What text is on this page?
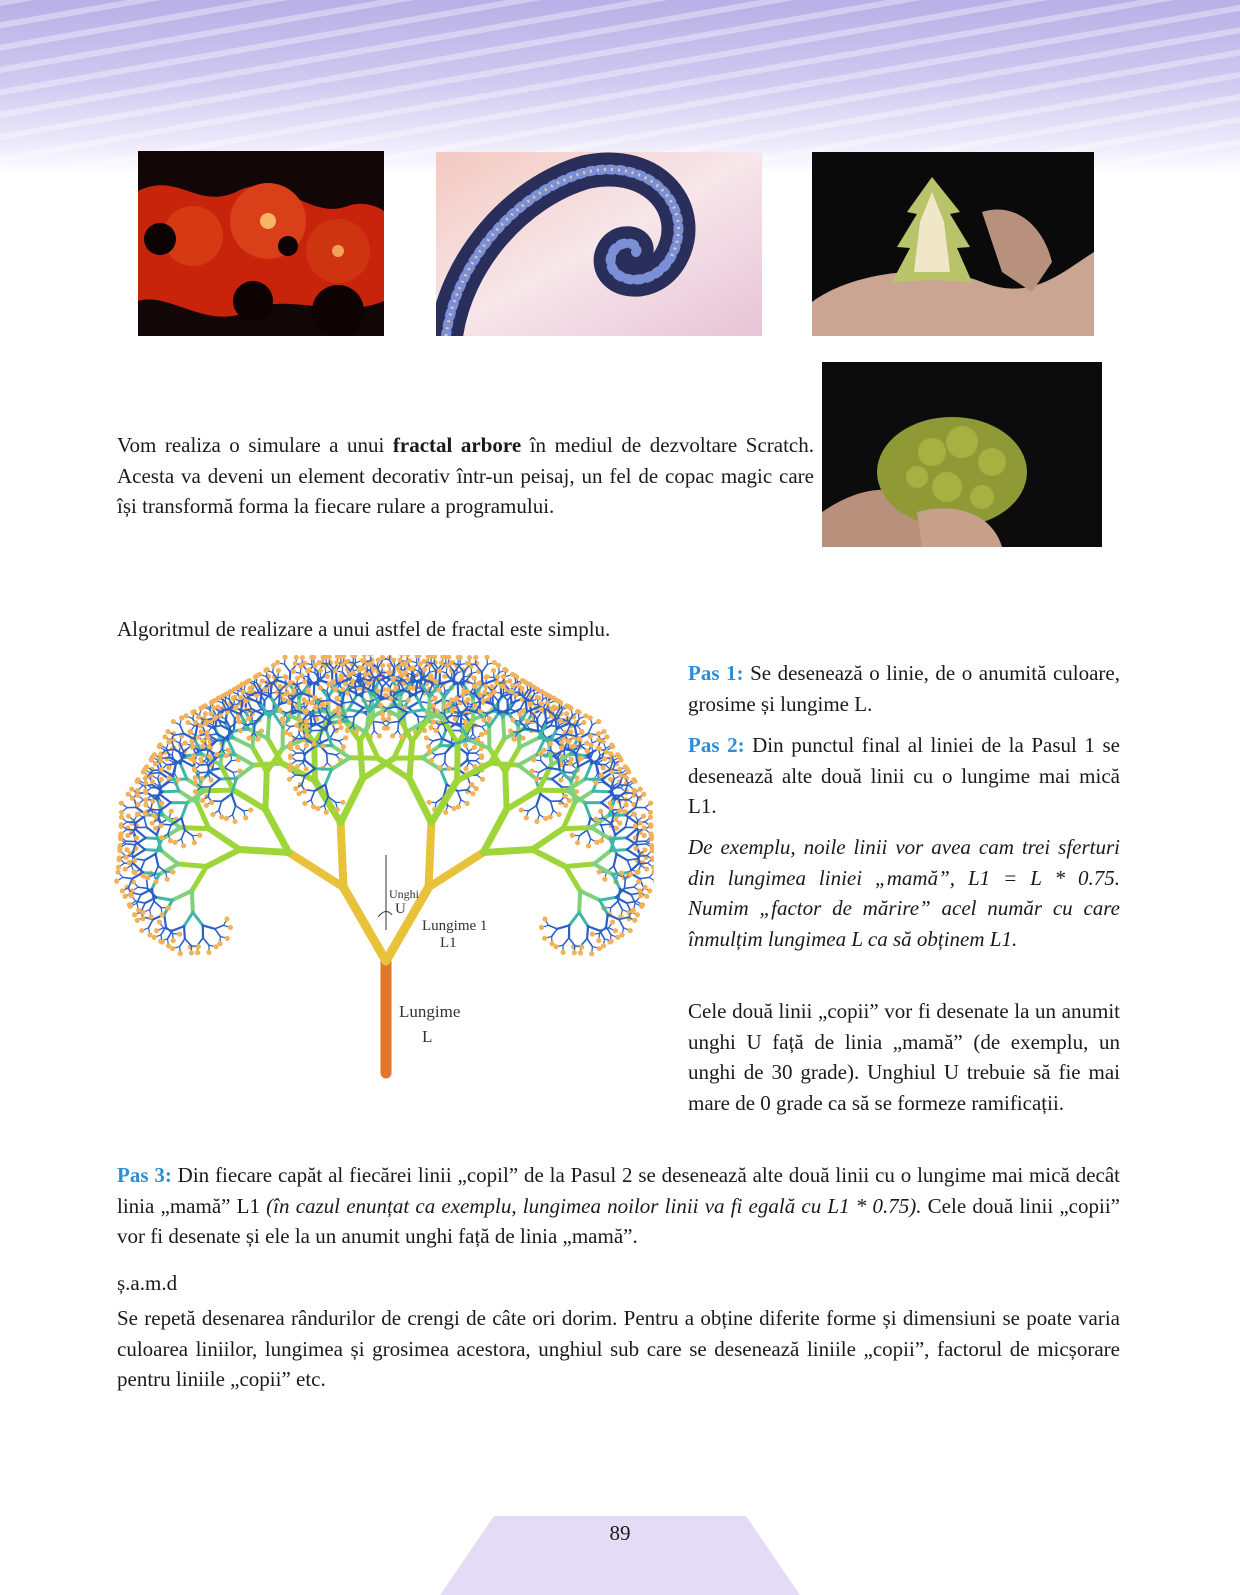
Vom realiza o simulare a unui fractal arbore în mediul de dezvoltare Scratch. Acesta va deveni un element decorativ într-un peisaj, un fel de copac magic care își transformă forma la fiecare rulare a programului.

Algoritmul de realizare a unui astfel de fractal este simplu.

Unghi
U
Lungime 1
L1
Lungime
L

Pas 1: Se desenează o linie, de o anumită culoare, grosime și lungime L.

Pas 2: Din punctul final al liniei de la Pasul 1 se desenează alte două linii cu o lungime mai mică L1.

De exemplu, noile linii vor avea cam trei sferturi din lungimea liniei „mamă”, L1 = L * 0.75. Numim „factor de mărire” acel număr cu care înmulțim lungimea L ca să obținem L1.

Cele două linii „copii” vor fi desenate la un anumit unghi U față de linia „mamă” (de exemplu, un unghi de 30 grade). Unghiul U trebuie să fie mai mare de 0 grade ca să se formeze ramificații.

Pas 3: Din fiecare capăt al fiecărei linii „copil” de la Pasul 2 se desenează alte două linii cu o lungime mai mică decât linia „mamă” L1 (în cazul enunțat ca exemplu, lungimea noilor linii va fi egală cu L1 * 0.75). Cele două linii „copii” vor fi desenate și ele la un anumit unghi față de linia „mamă”.

ș.a.m.d

Se repetă desenarea rândurilor de crengi de câte ori dorim. Pentru a obține diferite forme și dimensiuni se poate varia culoarea liniilor, lungimea și grosimea acestora, unghiul sub care se desenează liniile „copii”, factorul de micșorare pentru liniile „copii” etc.

89
